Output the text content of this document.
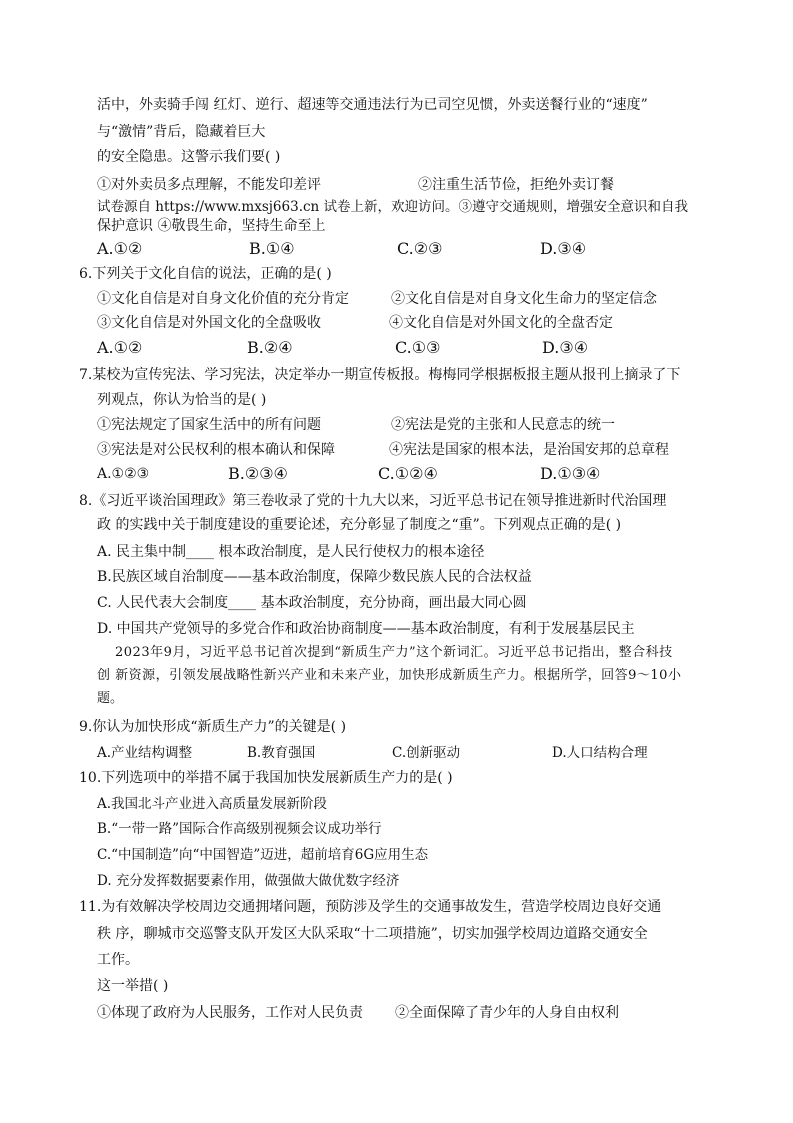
活中，外卖骑手闯 红灯、逆行、超速等交通违法行为已司空见惯，外卖送餐行业的“速度”
与“激情”背后，隐藏着巨大
的安全隐患。这警示我们要( )
①对外卖员多点理解，不能发印差评	②注重生活节俭，拒绝外卖订餐
试卷源自 https://www.mxsj663.cn 试卷上新，欢迎访问。③遵守交通规则，增强安全意识和自我
保护意识 ④敬畏生命，坚持生命至上
A.①②	B.①④	C.②③	D.③④
6.下列关于文化自信的说法，正确的是( )
①文化自信是对自身文化价值的充分肯定	②文化自信是对自身文化生命力的坚定信念
③文化自信是对外国文化的全盘吸收	④文化自信是对外国文化的全盘否定
A.①②	B.②④	C.①③	D.③④
7.某校为宣传宪法、学习宪法，决定举办一期宣传板报。梅梅同学根据板报主题从报刊上摘录了下
列观点，你认为恰当的是( )
①宪法规定了国家生活中的所有问题	②宪法是党的主张和人民意志的统一
③宪法是对公民权利的根本确认和保障	④宪法是国家的根本法，是治国安邦的总章程
A.①②③	B.②③④	C.①②④	D.①③④
8.《习近平谈治国理政》第三卷收录了党的十九大以来，习近平总书记在领导推进新时代治国理
政 的实践中关于制度建设的重要论述，充分彰显了制度之“重”。下列观点正确的是( )
A. 民主集中制____ 根本政治制度，是人民行使权力的根本途径
B.民族区域自治制度——基本政治制度，保障少数民族人民的合法权益
C. 人民代表大会制度____ 基本政治制度，充分协商，画出最大同心圆
D. 中国共产党领导的多党合作和政治协商制度——基本政治制度，有利于发展基层民主
2023年9月，习近平总书记首次提到“新质生产力”这个新词汇。习近平总书记指出，整合科技
创 新资源，引领发展战略性新兴产业和未来产业，加快形成新质生产力。根据所学，回答9～10小
题。
9.你认为加快形成“新质生产力”的关键是( )
A.产业结构调整	B.教育强国	C.创新驱动	D.人口结构合理
10.下列选项中的举措不属于我国加快发展新质生产力的是( )
A.我国北斗产业进入高质量发展新阶段
B.“一带一路”国际合作高级别视频会议成功举行
C.“中国制造”向“中国智造”迈进，超前培育6G应用生态
D. 充分发挥数据要素作用，做强做大做优数字经济
11.为有效解决学校周边交通拥堵问题，预防涉及学生的交通事故发生，营造学校周边良好交通
秩 序，聊城市交巡警支队开发区大队采取“十二项措施”，切实加强学校周边道路交通安全
工作。
这一举措( )
①体现了政府为人民服务，工作对人民负责 ②全面保障了青少年的人身自由权利
